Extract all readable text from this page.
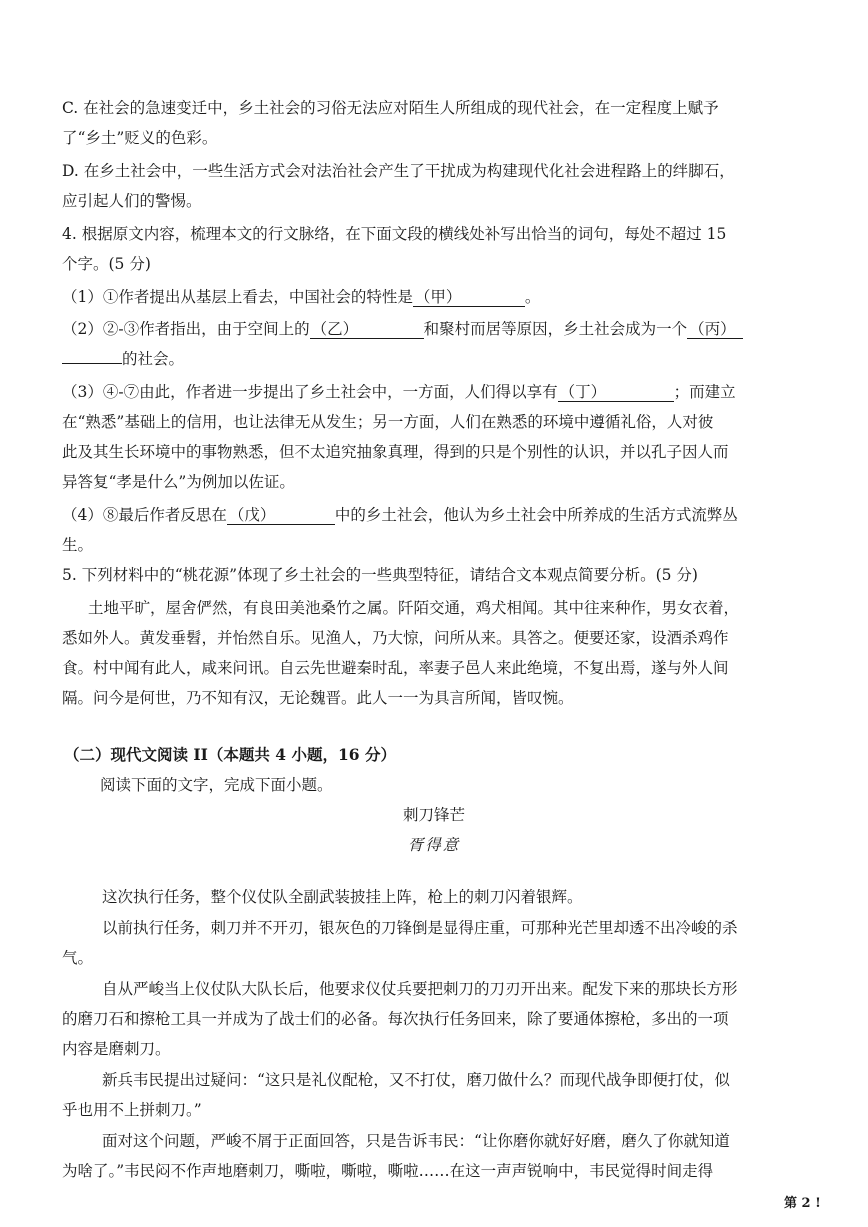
C. 在社会的急速变迁中，乡土社会的习俗无法应对陌生人所组成的现代社会，在一定程度上赋予
了“乡土”贬义的色彩。
D. 在乡土社会中，一些生活方式会对法治社会产生了干扰成为构建现代化社会进程路上的绊脚石，
应引起人们的警惕。
4. 根据原文内容，梳理本文的行文脉络，在下面文段的横线处补写出恰当的词句，每处不超过 15
个字。(5 分)
（1）①作者提出从基层上看去，中国社会的特性是 （甲）	。
（2）②-③作者指出，由于空间上的 （乙）	和聚村而居等原因，乡土社会成为一个 （丙）
的社会。
（3）④-⑦由此，作者进一步提出了乡土社会中，一方面，人们得以享有 （丁）	；而建立
在“熟悉”基础上的信用，也让法律无从发生；另一方面，人们在熟悉的环境中遵循礼俗，人对彼
此及其生长环境中的事物熟悉，但不太追究抽象真理，得到的只是个别性的认识，并以孔子因人而
异答复“孝是什么”为例加以佐证。
（4）⑧最后作者反思在 （戊）	中的乡土社会，他认为乡土社会中所养成的生活方式流弊丛
生。
5. 下列材料中的“桃花源”体现了乡土社会的一些典型特征，请结合文本观点简要分析。(5 分)
土地平旷，屋舍俨然，有良田美池桑竹之属。阡陌交通，鸡犬相闻。其中往来种作，男女衣着，
悉如外人。黄发垂髫，并怡然自乐。见渔人，乃大惊，问所从来。具答之。便要还家，设酒杀鸡作
食。村中闻有此人，咸来问讯。自云先世避秦时乱，率妻子邑人来此绝境，不复出焉，遂与外人间
隔。问今是何世，乃不知有汉，无论魏晋。此人一一为具言所闻，皆叹惋。
（二）现代文阅读 II（本题共 4 小题，16 分）
阅读下面的文字，完成下面小题。
刺刀锋芒
胥得意
这次执行任务，整个仪仗队全副武装披挂上阵，枪上的刺刀闪着银辉。
以前执行任务，刺刀并不开刃，银灰色的刀锋倒是显得庄重，可那种光芒里却透不出冷峻的杀
气。
自从严峻当上仪仗队大队长后，他要求仪仗兵要把刺刀的刀刃开出来。配发下来的那块长方形
的磨刀石和擦枪工具一并成为了战士们的必备。每次执行任务回来，除了要通体擦枪，多出的一项
内容是磨刺刀。
新兵韦民提出过疑问：“这只是礼仪配枪，又不打仗，磨刀做什么？而现代战争即便打仗，似
乎也用不上拼刺刀。”
面对这个问题，严峻不屑于正面回答，只是告诉韦民：“让你磨你就好好磨，磨久了你就知道
为啥了。”韦民闷不作声地磨刺刀，嘶啦，嘶啦，嘶啦……在这一声声锐响中，韦民觉得时间走得
第 2 !
